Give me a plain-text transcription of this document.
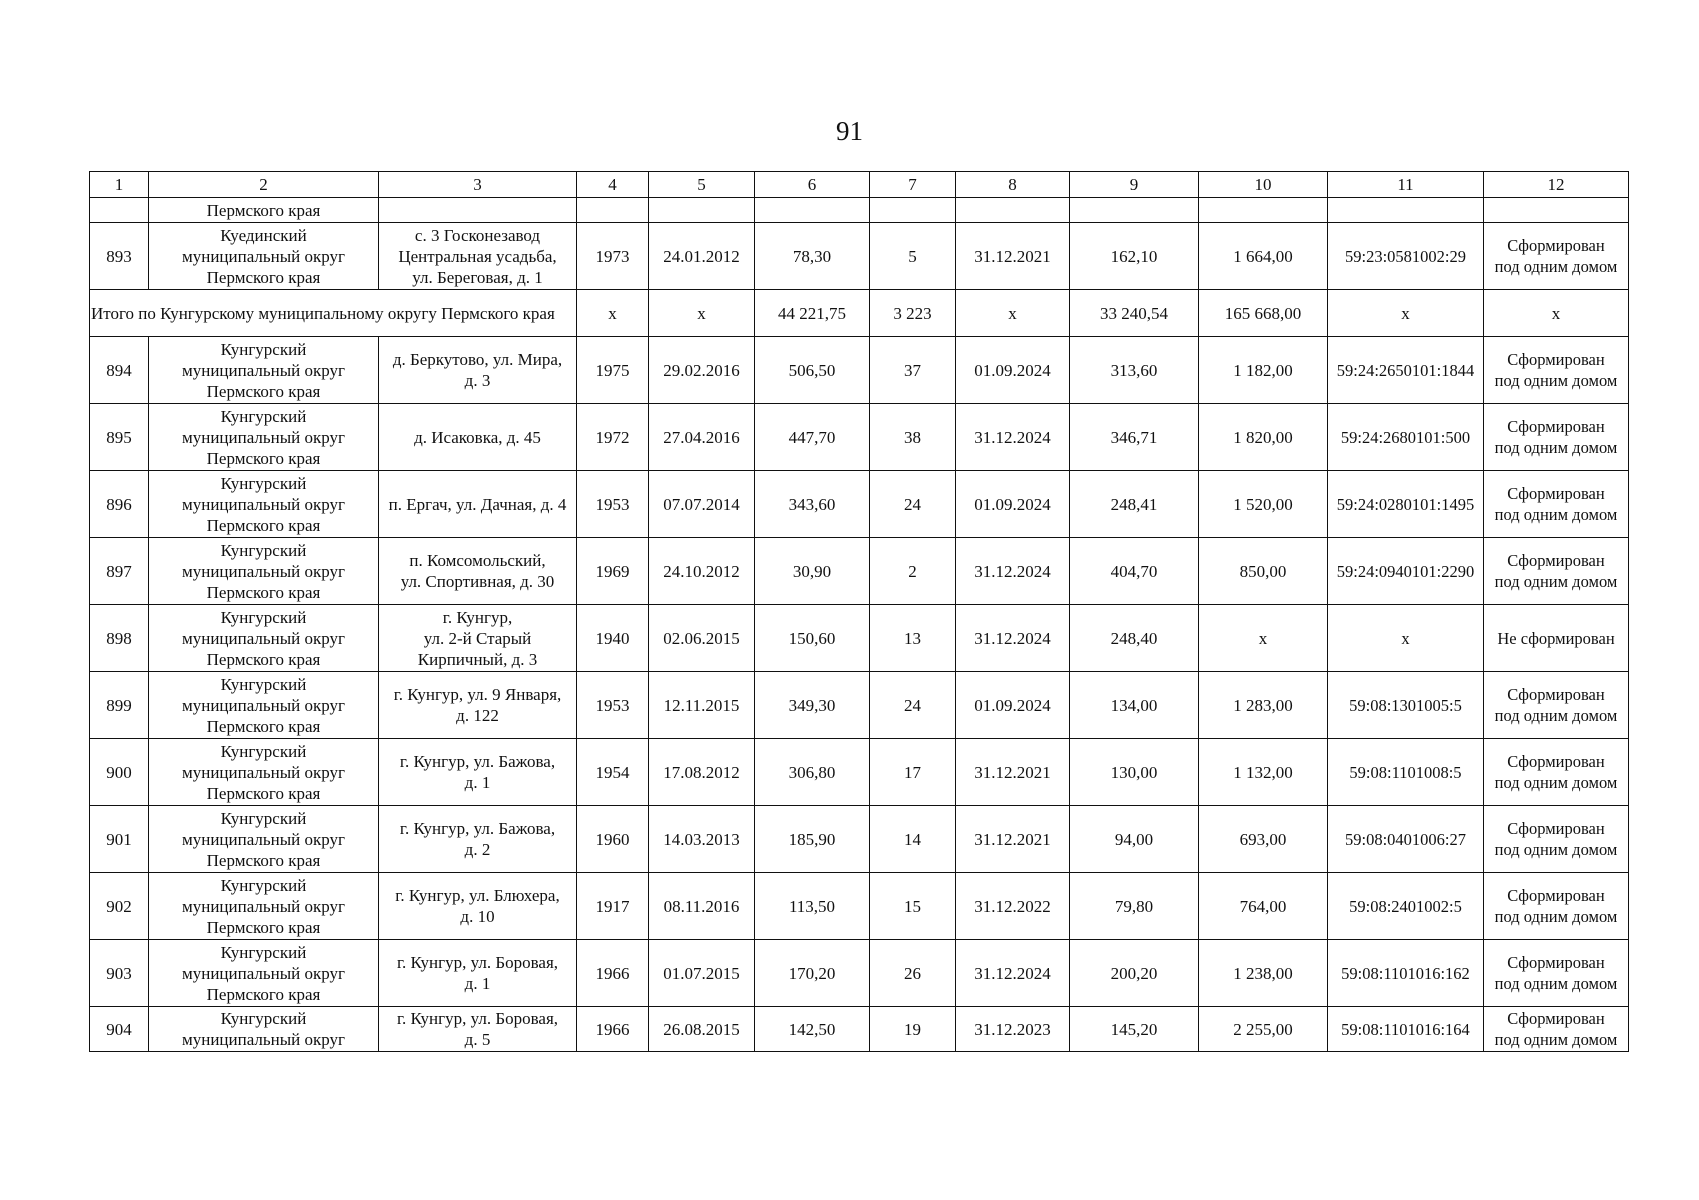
91
1	2	3	4	5	6	7	8	9	10	11	12
	Пермского края										
893	Куединский
муниципальный округ
Пермского края	с. 3 Госконезавод
Центральная усадьба,
ул. Береговая, д. 1	1973	24.01.2012	78,30	5	31.12.2021	162,10	1 664,00	59:23:0581002:29	Сформирован
под одним домом
Итого по Кунгурскому муниципальному округу Пермского края			х	х	44 221,75	3 223	х	33 240,54	165 668,00	х	х
894	Кунгурский
муниципальный округ
Пермского края	д. Беркутово, ул. Мира,
д. 3	1975	29.02.2016	506,50	37	01.09.2024	313,60	1 182,00	59:24:2650101:1844	Сформирован
под одним домом
895	Кунгурский
муниципальный округ
Пермского края	д. Исаковка, д. 45	1972	27.04.2016	447,70	38	31.12.2024	346,71	1 820,00	59:24:2680101:500	Сформирован
под одним домом
896	Кунгурский
муниципальный округ
Пермского края	п. Ергач, ул. Дачная, д. 4	1953	07.07.2014	343,60	24	01.09.2024	248,41	1 520,00	59:24:0280101:1495	Сформирован
под одним домом
897	Кунгурский
муниципальный округ
Пермского края	п. Комсомольский,
ул. Спортивная, д. 30	1969	24.10.2012	30,90	2	31.12.2024	404,70	850,00	59:24:0940101:2290	Сформирован
под одним домом
898	Кунгурский
муниципальный округ
Пермского края	г. Кунгур,
ул. 2-й Старый
Кирпичный, д. 3	1940	02.06.2015	150,60	13	31.12.2024	248,40	х	х	Не сформирован
899	Кунгурский
муниципальный округ
Пермского края	г. Кунгур, ул. 9 Января,
д. 122	1953	12.11.2015	349,30	24	01.09.2024	134,00	1 283,00	59:08:1301005:5	Сформирован
под одним домом
900	Кунгурский
муниципальный округ
Пермского края	г. Кунгур, ул. Бажова,
д. 1	1954	17.08.2012	306,80	17	31.12.2021	130,00	1 132,00	59:08:1101008:5	Сформирован
под одним домом
901	Кунгурский
муниципальный округ
Пермского края	г. Кунгур, ул. Бажова,
д. 2	1960	14.03.2013	185,90	14	31.12.2021	94,00	693,00	59:08:0401006:27	Сформирован
под одним домом
902	Кунгурский
муниципальный округ
Пермского края	г. Кунгур, ул. Блюхера,
д. 10	1917	08.11.2016	113,50	15	31.12.2022	79,80	764,00	59:08:2401002:5	Сформирован
под одним домом
903	Кунгурский
муниципальный округ
Пермского края	г. Кунгур, ул. Боровая,
д. 1	1966	01.07.2015	170,20	26	31.12.2024	200,20	1 238,00	59:08:1101016:162	Сформирован
под одним домом
904	Кунгурский
муниципальный округ	г. Кунгур, ул. Боровая,
д. 5	1966	26.08.2015	142,50	19	31.12.2023	145,20	2 255,00	59:08:1101016:164	Сформирован
под одним домом
